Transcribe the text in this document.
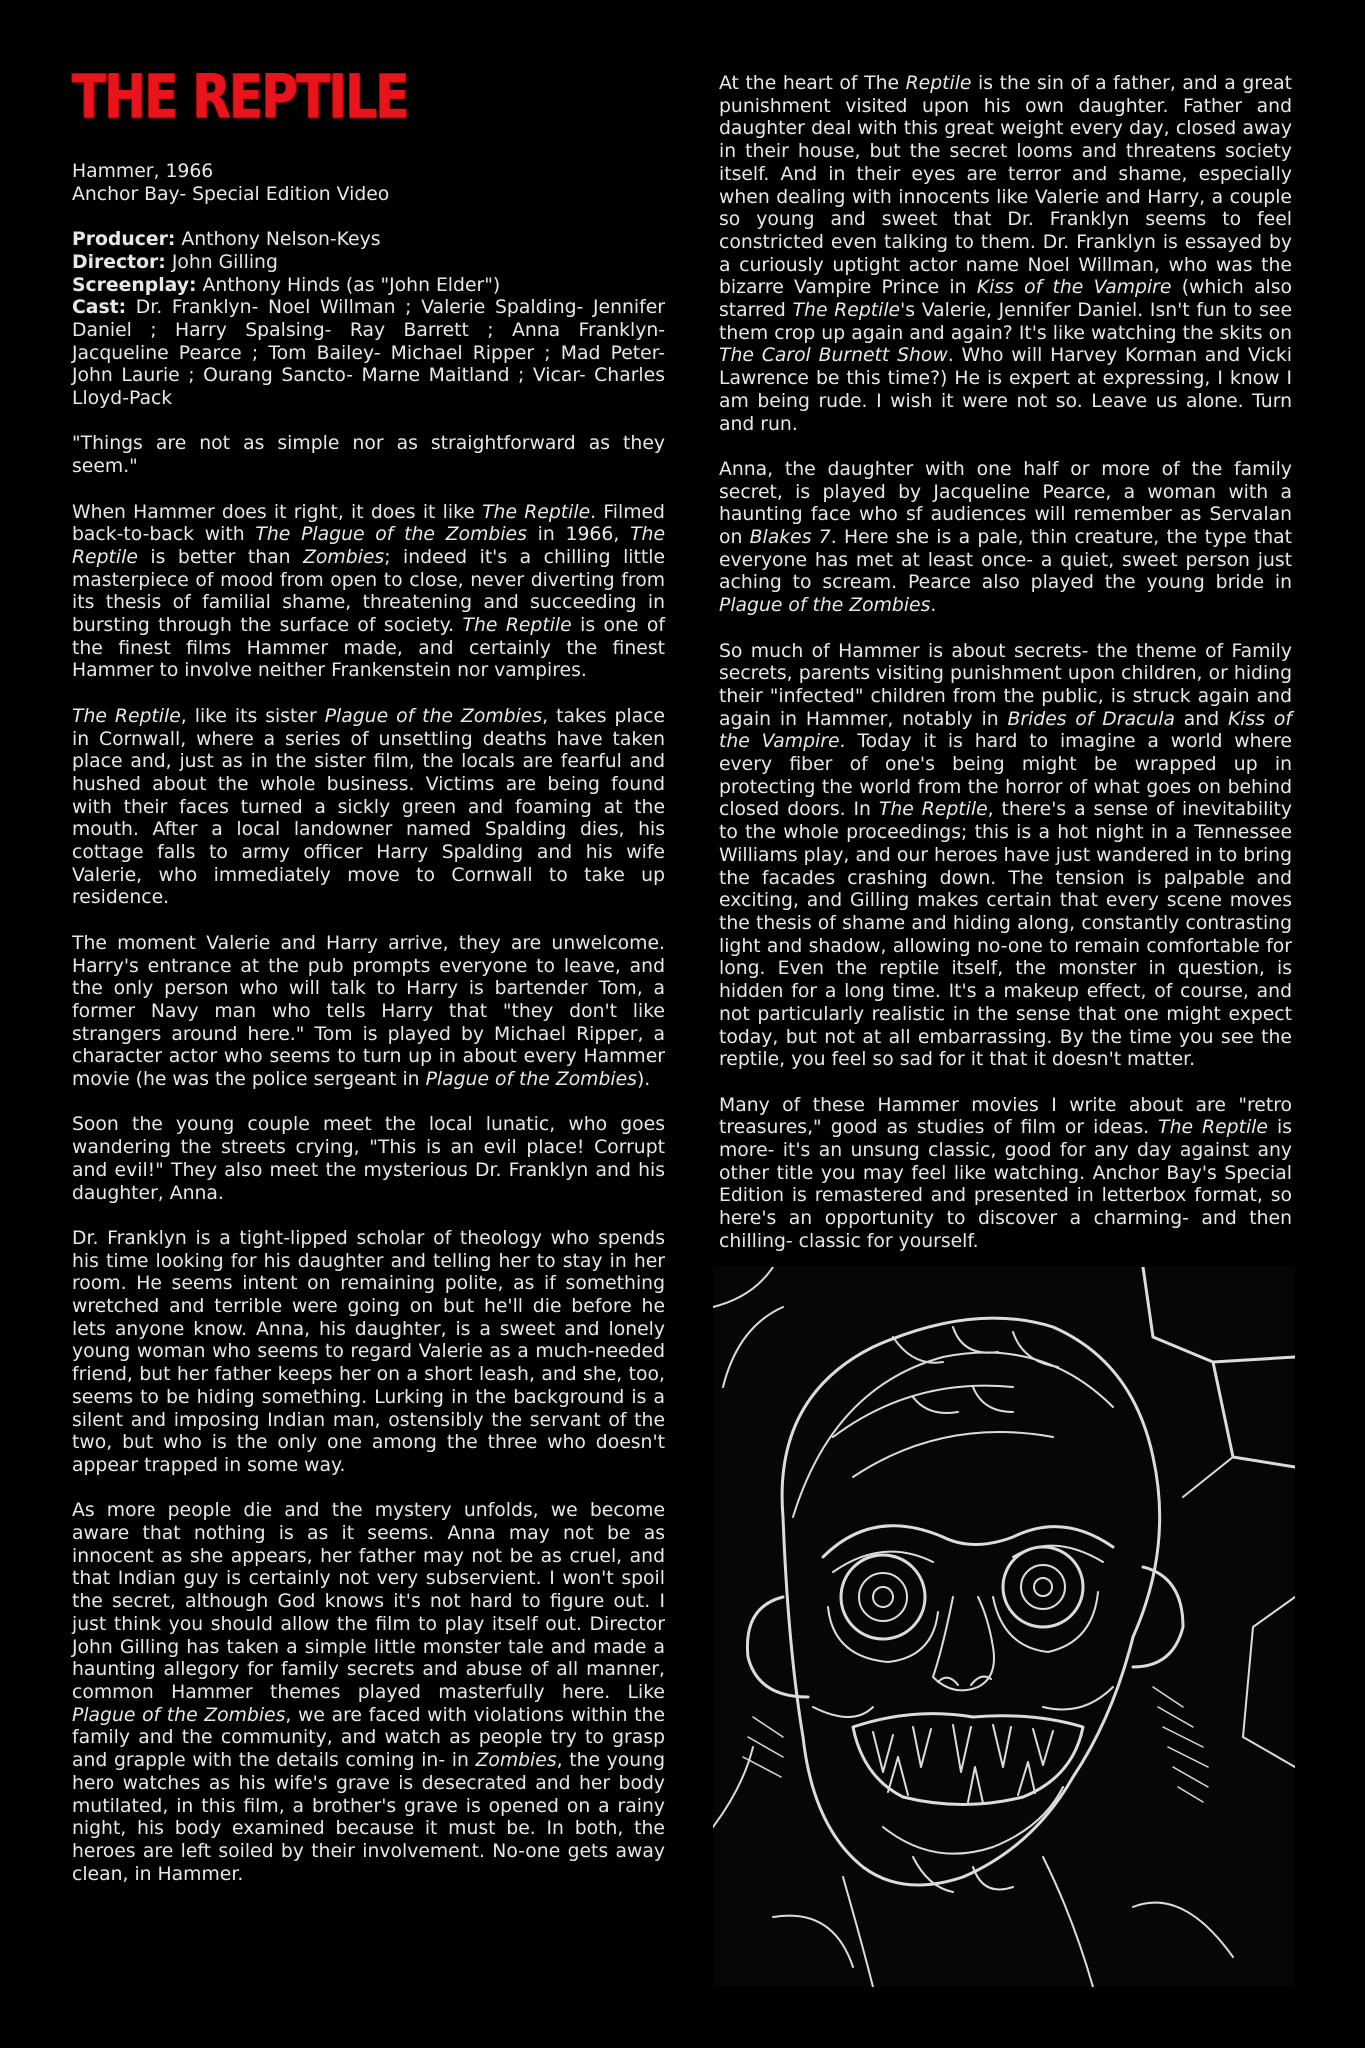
THE REPTILE

Hammer, 1966
Anchor Bay- Special Edition Video

Producer: Anthony Nelson-Keys
Director: John Gilling
Screenplay: Anthony Hinds (as "John Elder")

Cast: Dr. Franklyn- Noel Willman ; Valerie Spalding- Jennifer Daniel ; Harry Spalsing- Ray Barrett ; Anna Franklyn- Jacqueline Pearce ; Tom Bailey- Michael Ripper ; Mad Peter- John Laurie ; Ourang Sancto- Marne Maitland ; Vicar- Charles Lloyd-Pack

"Things are not as simple nor as straightforward as they seem."

When Hammer does it right, it does it like The Reptile. Filmed back-to-back with The Plague of the Zombies in 1966, The Reptile is better than Zombies; indeed it's a chilling little masterpiece of mood from open to close, never diverting from its thesis of familial shame, threatening and succeeding in bursting through the surface of society. The Reptile is one of the finest films Hammer made, and certainly the finest Hammer to involve neither Frankenstein nor vampires.

The Reptile, like its sister Plague of the Zombies, takes place in Cornwall, where a series of unsettling deaths have taken place and, just as in the sister film, the locals are fearful and hushed about the whole business. Victims are being found with their faces turned a sickly green and foaming at the mouth. After a local landowner named Spalding dies, his cottage falls to army officer Harry Spalding and his wife Valerie, who immediately move to Cornwall to take up residence.

The moment Valerie and Harry arrive, they are unwelcome. Harry's entrance at the pub prompts everyone to leave, and the only person who will talk to Harry is bartender Tom, a former Navy man who tells Harry that "they don't like strangers around here." Tom is played by Michael Ripper, a character actor who seems to turn up in about every Hammer movie (he was the police sergeant in Plague of the Zombies).

Soon the young couple meet the local lunatic, who goes wandering the streets crying, "This is an evil place! Corrupt and evil!" They also meet the mysterious Dr. Franklyn and his daughter, Anna.

Dr. Franklyn is a tight-lipped scholar of theology who spends his time looking for his daughter and telling her to stay in her room. He seems intent on remaining polite, as if something wretched and terrible were going on but he'll die before he lets anyone know. Anna, his daughter, is a sweet and lonely young woman who seems to regard Valerie as a much-needed friend, but her father keeps her on a short leash, and she, too, seems to be hiding something. Lurking in the background is a silent and imposing Indian man, ostensibly the servant of the two, but who is the only one among the three who doesn't appear trapped in some way.

As more people die and the mystery unfolds, we become aware that nothing is as it seems. Anna may not be as innocent as she appears, her father may not be as cruel, and that Indian guy is certainly not very subservient. I won't spoil the secret, although God knows it's not hard to figure out. I just think you should allow the film to play itself out. Director John Gilling has taken a simple little monster tale and made a haunting allegory for family secrets and abuse of all manner, common Hammer themes played masterfully here. Like Plague of the Zombies, we are faced with violations within the family and the community, and watch as people try to grasp and grapple with the details coming in- in Zombies, the young hero watches as his wife's grave is desecrated and her body mutilated, in this film, a brother's grave is opened on a rainy night, his body examined because it must be. In both, the heroes are left soiled by their involvement. No-one gets away clean, in Hammer.

At the heart of The Reptile is the sin of a father, and a great punishment visited upon his own daughter. Father and daughter deal with this great weight every day, closed away in their house, but the secret looms and threatens society itself. And in their eyes are terror and shame, especially when dealing with innocents like Valerie and Harry, a couple so young and sweet that Dr. Franklyn seems to feel constricted even talking to them. Dr. Franklyn is essayed by a curiously uptight actor name Noel Willman, who was the bizarre Vampire Prince in Kiss of the Vampire (which also starred The Reptile's Valerie, Jennifer Daniel. Isn't fun to see them crop up again and again? It's like watching the skits on The Carol Burnett Show. Who will Harvey Korman and Vicki Lawrence be this time?) He is expert at expressing, I know I am being rude. I wish it were not so. Leave us alone. Turn and run.

Anna, the daughter with one half or more of the family secret, is played by Jacqueline Pearce, a woman with a haunting face who sf audiences will remember as Servalan on Blakes 7. Here she is a pale, thin creature, the type that everyone has met at least once- a quiet, sweet person just aching to scream. Pearce also played the young bride in Plague of the Zombies.

So much of Hammer is about secrets- the theme of Family secrets, parents visiting punishment upon children, or hiding their "infected" children from the public, is struck again and again in Hammer, notably in Brides of Dracula and Kiss of the Vampire. Today it is hard to imagine a world where every fiber of one's being might be wrapped up in protecting the world from the horror of what goes on behind closed doors. In The Reptile, there's a sense of inevitability to the whole proceedings; this is a hot night in a Tennessee Williams play, and our heroes have just wandered in to bring the facades crashing down. The tension is palpable and exciting, and Gilling makes certain that every scene moves the thesis of shame and hiding along, constantly contrasting light and shadow, allowing no-one to remain comfortable for long. Even the reptile itself, the monster in question, is hidden for a long time. It's a makeup effect, of course, and not particularly realistic in the sense that one might expect today, but not at all embarrassing. By the time you see the reptile, you feel so sad for it that it doesn't matter.

Many of these Hammer movies I write about are "retro treasures," good as studies of film or ideas. The Reptile is more- it's an unsung classic, good for any day against any other title you may feel like watching. Anchor Bay's Special Edition is remastered and presented in letterbox format, so here's an opportunity to discover a charming- and then chilling- classic for yourself.
